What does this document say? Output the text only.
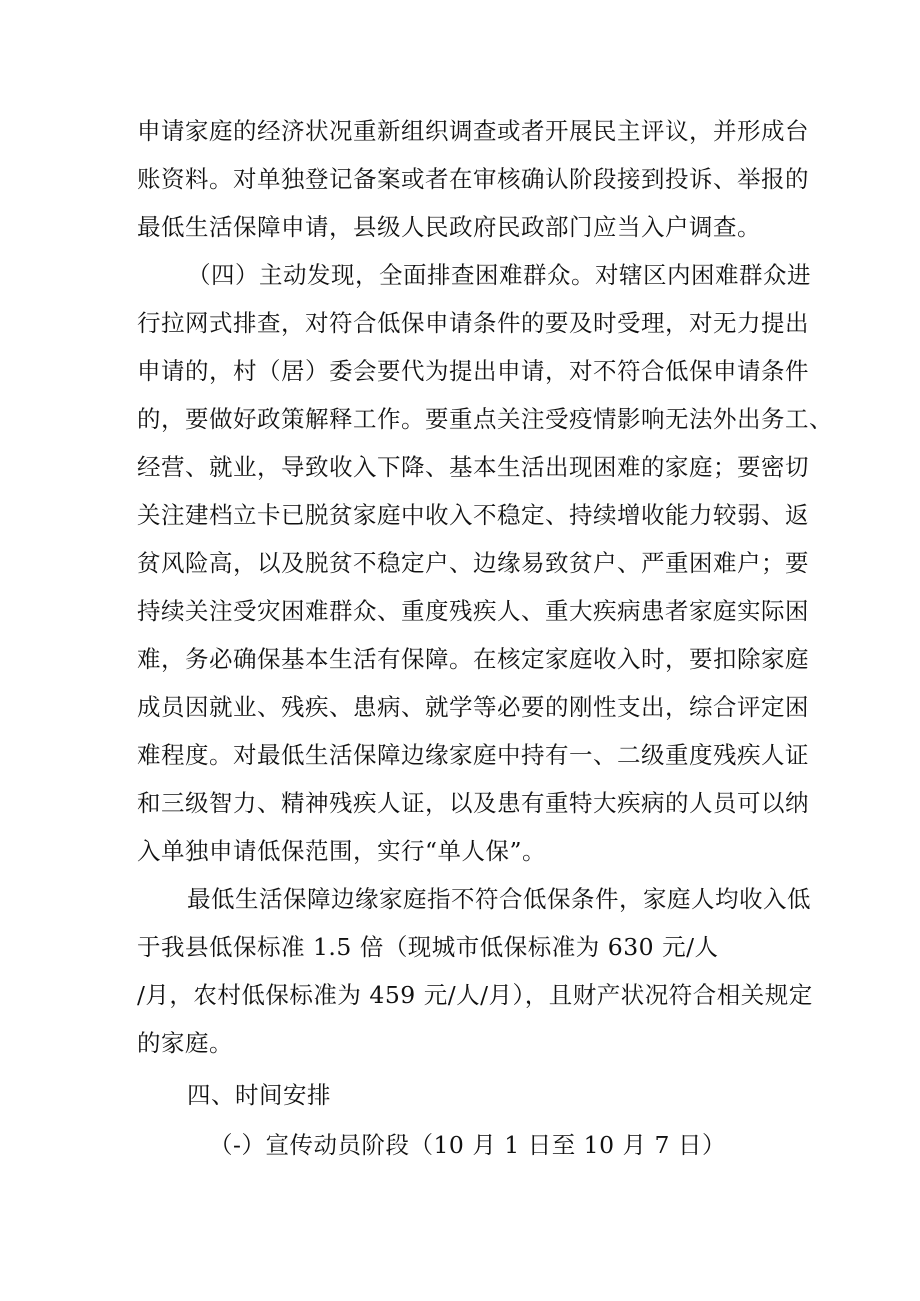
申请家庭的经济状况重新组织调查或者开展民主评议，并形成台
账资料。对单独登记备案或者在审核确认阶段接到投诉、举报的
最低生活保障申请，县级人民政府民政部门应当入户调查。
（四）主动发现，全面排查困难群众。对辖区内困难群众进
行拉网式排查，对符合低保申请条件的要及时受理，对无力提出
申请的，村（居）委会要代为提出申请，对不符合低保申请条件
的，要做好政策解释工作。要重点关注受疫情影响无法外出务工、
经营、就业，导致收入下降、基本生活出现困难的家庭；要密切
关注建档立卡已脱贫家庭中收入不稳定、持续增收能力较弱、返
贫风险高，以及脱贫不稳定户、边缘易致贫户、严重困难户；要
持续关注受灾困难群众、重度残疾人、重大疾病患者家庭实际困
难，务必确保基本生活有保障。在核定家庭收入时，要扣除家庭
成员因就业、残疾、患病、就学等必要的刚性支出，综合评定困
难程度。对最低生活保障边缘家庭中持有一、二级重度残疾人证
和三级智力、精神残疾人证，以及患有重特大疾病的人员可以纳
入单独申请低保范围，实行“单人保”。
最低生活保障边缘家庭指不符合低保条件，家庭人均收入低
于我县低保标准 1.5 倍（现城市低保标准为 630 元/人
/月，农村低保标准为 459 元/人/月），且财产状况符合相关规定
的家庭。
四、时间安排
（-）宣传动员阶段（10 月 1 日至 10 月 7 日）
